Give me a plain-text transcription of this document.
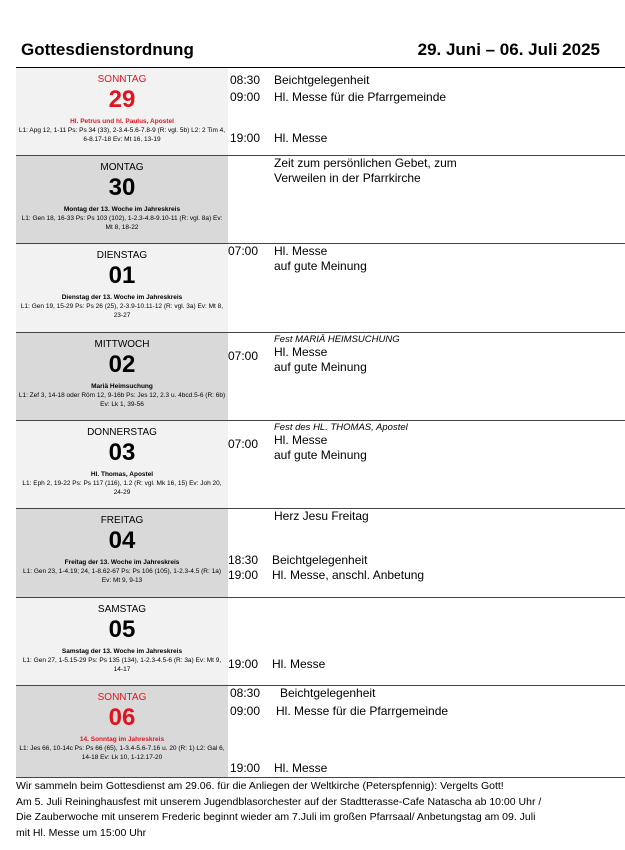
Gottesdienstordnung	29. Juni – 06. Juli 2025
SONNTAG
29
Hl. Petrus und hl. Paulus, Apostel
L1: Apg 12, 1-11 Ps: Ps 34 (33), 2-3.4-5.6-7.8-9 (R: vgl. 5b) L2: 2 Tim 4, 6-8.17-18 Ev: Mt 16, 13-19
08:30 Beichtgelegenheit
09:00 Hl. Messe für die Pfarrgemeinde
19:00 Hl. Messe
MONTAG
30
Montag der 13. Woche im Jahreskreis
L1: Gen 18, 16-33 Ps: Ps 103 (102), 1-2.3-4.8-9.10-11 (R: vgl. 8a) Ev: Mt 8, 18-22
Zeit zum persönlichen Gebet, zum
Verweilen in der Pfarrkirche
DIENSTAG
01
Dienstag der 13. Woche im Jahreskreis
L1: Gen 19, 15-29 Ps: Ps 26 (25), 2-3.9-10.11-12 (R: vgl. 3a) Ev: Mt 8, 23-27
07:00 Hl. Messe
auf gute Meinung
MITTWOCH
02
Mariä Heimsuchung
L1: Zef 3, 14-18 oder Röm 12, 9-16b Ps: Jes 12, 2.3 u. 4bcd.5-6 (R: 6b) Ev: Lk 1, 39-56
Fest MARIÄ HEIMSUCHUNG
07:00 Hl. Messe
auf gute Meinung
DONNERSTAG
03
Hl. Thomas, Apostel
L1: Eph 2, 19-22 Ps: Ps 117 (116), 1.2 (R: vgl. Mk 16, 15) Ev: Joh 20, 24-29
Fest des HL. THOMAS, Apostel
07:00 Hl. Messe
auf gute Meinung
FREITAG
04
Freitag der 13. Woche im Jahreskreis
L1: Gen 23, 1-4.19; 24, 1-8.62-67 Ps: Ps 106 (105), 1-2.3-4.5 (R: 1a) Ev: Mt 9, 9-13
Herz Jesu Freitag
18:30 Beichtgelegenheit
19:00 Hl. Messe, anschl. Anbetung
SAMSTAG
05
Samstag der 13. Woche im Jahreskreis
L1: Gen 27, 1-5.15-29 Ps: Ps 135 (134), 1-2.3-4.5-6 (R: 3a) Ev: Mt 9, 14-17	19:00 Hl. Messe
SONNTAG
06
14. Sonntag im Jahreskreis
L1: Jes 66, 10-14c Ps: Ps 66 (65), 1-3.4-5.6-7.16 u. 20 (R: 1) L2: Gal 6, 14-18 Ev: Lk 10, 1-12.17-20
08:30 Beichtgelegenheit
09:00 Hl. Messe für die Pfarrgemeinde
19:00 Hl. Messe
Wir sammeln beim Gottesdienst am 29.06. für die Anliegen der Weltkirche (Peterspfennig): Vergelts Gott!
Am 5. Juli Reininghausfest mit unserem Jugendblasorchester auf der Stadtterasse-Cafe Natascha ab 10:00 Uhr /
Die Zauberwoche mit unserem Frederic beginnt wieder am 7.Juli im großen Pfarrsaal/ Anbetungstag am 09. Juli
mit Hl. Messe um 15:00 Uhr
